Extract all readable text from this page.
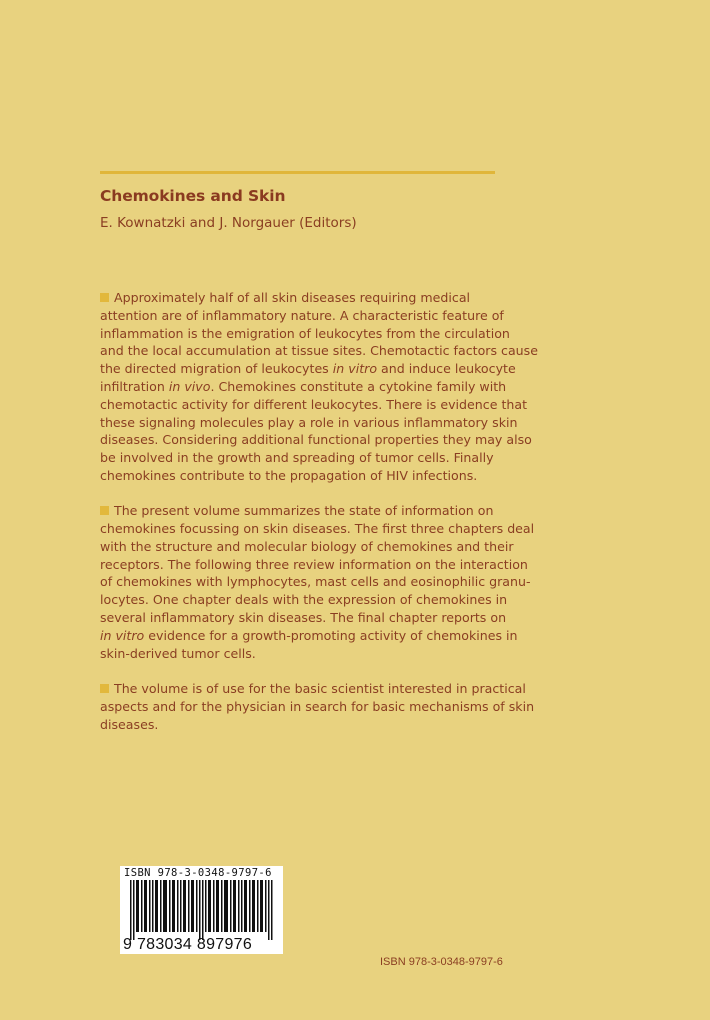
Chemokines and Skin
E. Kownatzki and J. Norgauer (Editors)
Approximately half of all skin diseases requiring medical
attention are of inflammatory nature. A characteristic feature of
inflammation is the emigration of leukocytes from the circulation
and the local accumulation at tissue sites. Chemotactic factors cause
the directed migration of leukocytes in vitro and induce leukocyte
infiltration in vivo. Chemokines constitute a cytokine family with
chemotactic activity for different leukocytes. There is evidence that
these signaling molecules play a role in various inflammatory skin
diseases. Considering additional functional properties they may also
be involved in the growth and spreading of tumor cells. Finally
chemokines contribute to the propagation of HIV infections.
The present volume summarizes the state of information on
chemokines focussing on skin diseases. The first three chapters deal
with the structure and molecular biology of chemokines and their
receptors. The following three review information on the interaction
of chemokines with lymphocytes, mast cells and eosinophilic granu-
locytes. One chapter deals with the expression of chemokines in
several inflammatory skin diseases. The final chapter reports on
in vitro evidence for a growth-promoting activity of chemokines in
skin-derived tumor cells.
The volume is of use for the basic scientist interested in practical
aspects and for the physician in search for basic mechanisms of skin
diseases.
ISBN 978-3-0348-9797-6
9 783034 897976
ISBN 978-3-0348-9797-6
